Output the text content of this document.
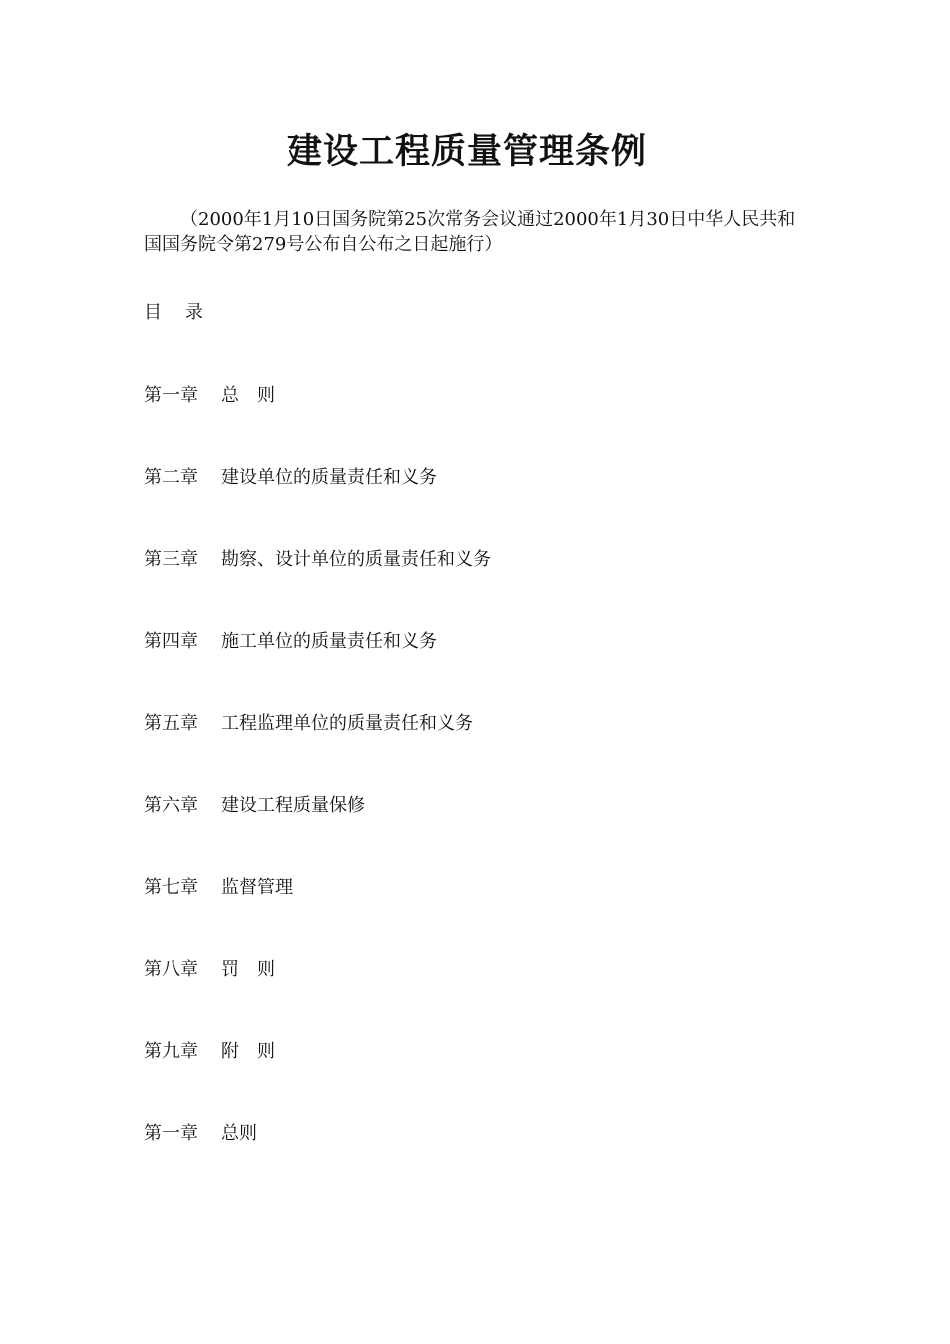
建设工程质量管理条例
（2000年1月10日国务院第25次常务会议通过2000年1月30日中华人民共和国国务院令第279号公布自公布之日起施行）
目 录
第一章 总　则
第二章 建设单位的质量责任和义务
第三章 勘察、设计单位的质量责任和义务
第四章 施工单位的质量责任和义务
第五章 工程监理单位的质量责任和义务
第六章 建设工程质量保修
第七章 监督管理
第八章 罚　则
第九章 附　则
第一章 总则
